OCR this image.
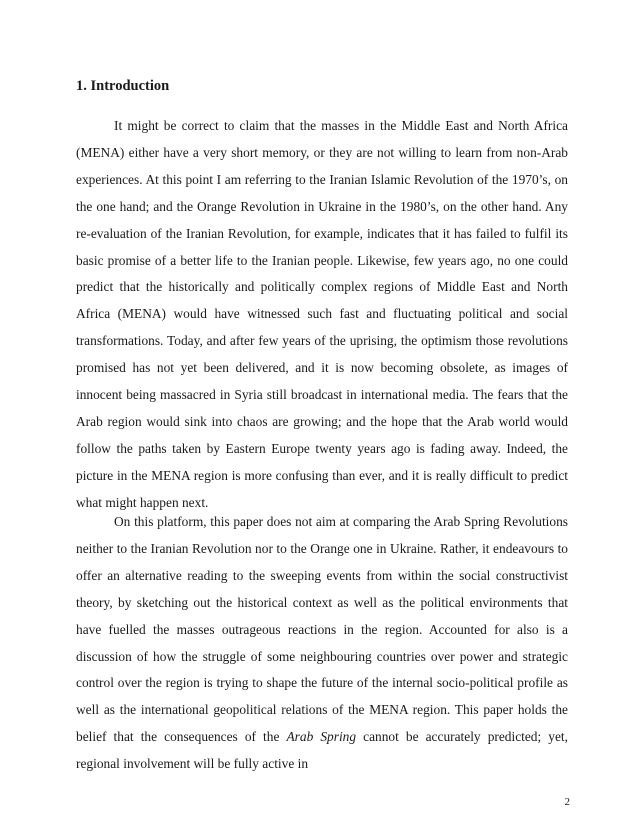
1. Introduction

It might be correct to claim that the masses in the Middle East and North Africa (MENA) either have a very short memory, or they are not willing to learn from non-Arab experiences. At this point I am referring to the Iranian Islamic Revolution of the 1970’s, on the one hand; and the Orange Revolution in Ukraine in the 1980’s, on the other hand. Any re-evaluation of the Iranian Revolution, for example, indicates that it has failed to fulfil its basic promise of a better life to the Iranian people. Likewise, few years ago, no one could predict that the historically and politically complex regions of Middle East and North Africa (MENA) would have witnessed such fast and fluctuating political and social transformations. Today, and after few years of the uprising, the optimism those revolutions promised has not yet been delivered, and it is now becoming obsolete, as images of innocent being massacred in Syria still broadcast in international media. The fears that the Arab region would sink into chaos are growing; and the hope that the Arab world would follow the paths taken by Eastern Europe twenty years ago is fading away. Indeed, the picture in the MENA region is more confusing than ever, and it is really difficult to predict what might happen next.

On this platform, this paper does not aim at comparing the Arab Spring Revolutions neither to the Iranian Revolution nor to the Orange one in Ukraine. Rather, it endeavours to offer an alternative reading to the sweeping events from within the social constructivist theory, by sketching out the historical context as well as the political environments that have fuelled the masses outrageous reactions in the region. Accounted for also is a discussion of how the struggle of some neighbouring countries over power and strategic control over the region is trying to shape the future of the internal socio-political profile as well as the international geopolitical relations of the MENA region. This paper holds the belief that the consequences of the Arab Spring cannot be accurately predicted; yet, regional involvement will be fully active in

2
